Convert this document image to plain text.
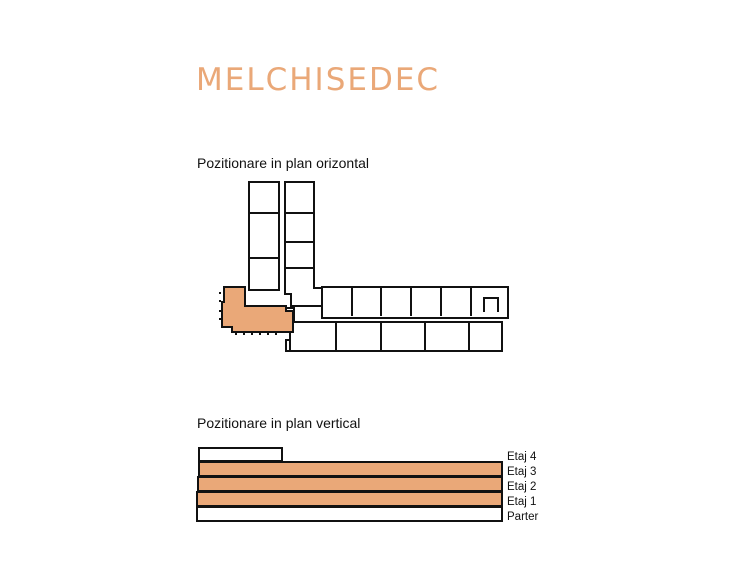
MELCHISEDEC

Pozitionare in plan orizontal

Pozitionare in plan vertical

Etaj 4
Etaj 3
Etaj 2
Etaj 1
Parter
